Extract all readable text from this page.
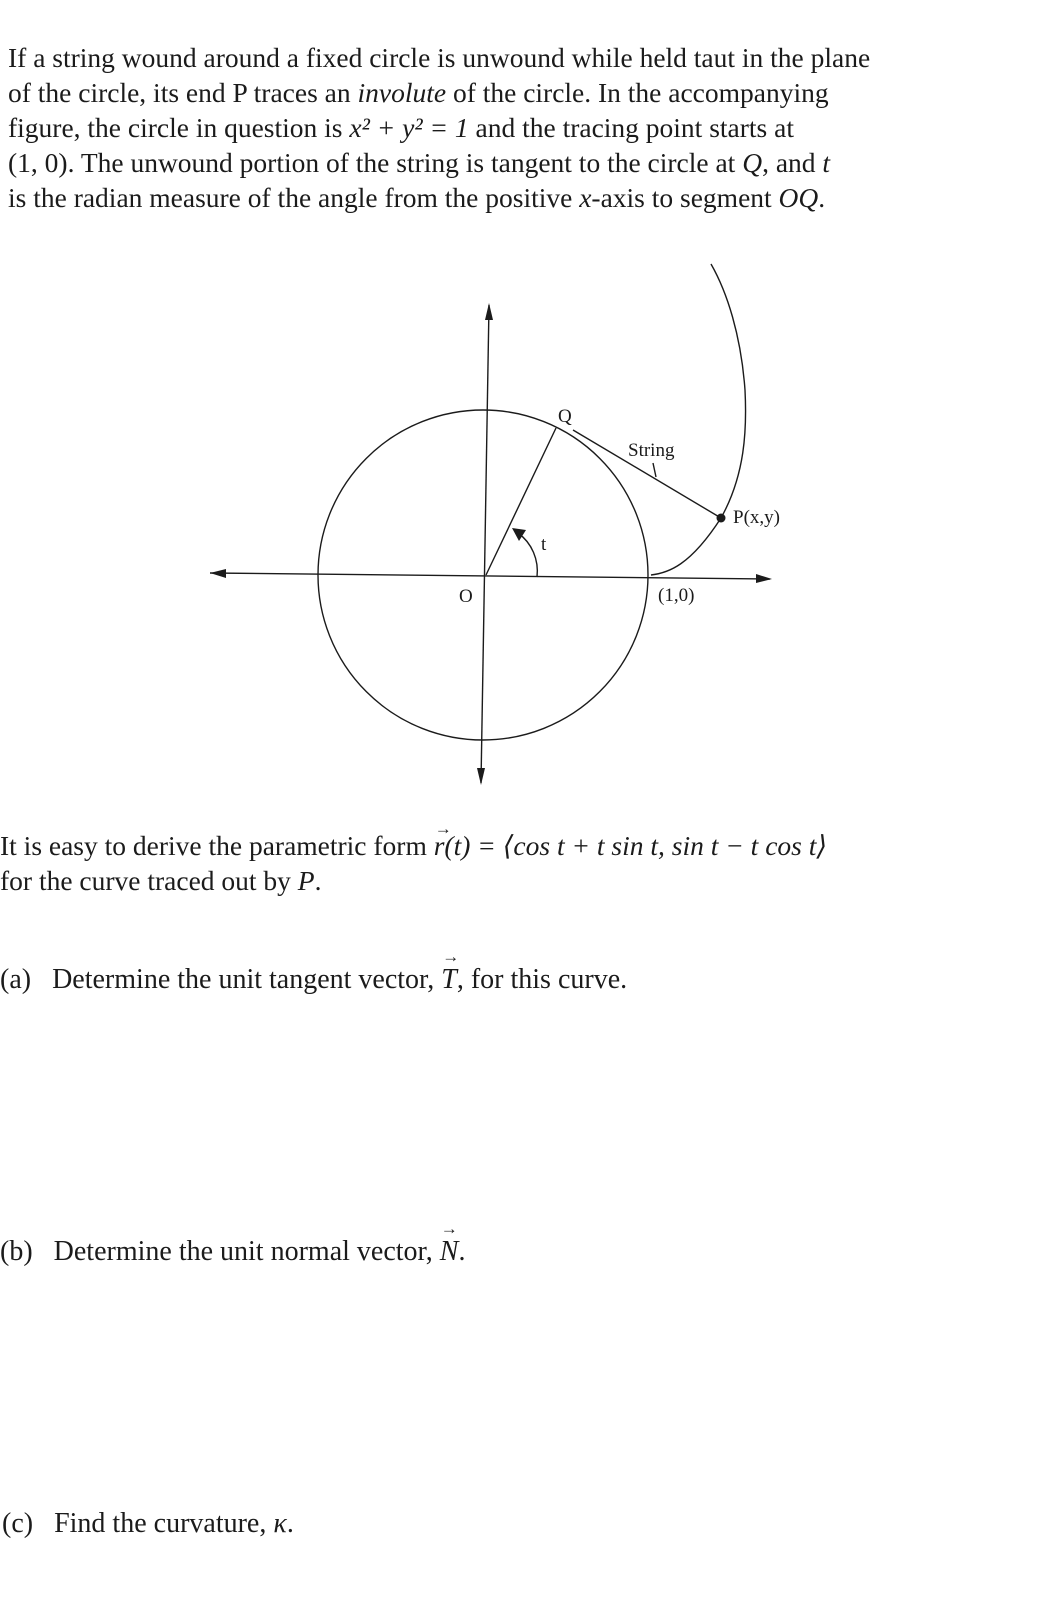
If a string wound around a fixed circle is unwound while held taut in the plane
of the circle, its end P traces an involute of the circle. In the accompanying
figure, the circle in question is x² + y² = 1 and the tracing point starts at
(1, 0). The unwound portion of the string is tangent to the circle at Q, and t
is the radian measure of the angle from the positive x-axis to segment OQ.
Q
String
P(x,y)
t
O	(1,0)
It is easy to derive the parametric form → r(t) = ⟨cos t + t sin t, sin t − t cos t⟩
for the curve traced out by P.
(a) Determine the unit tangent vector, → T, for this curve.
(b) Determine the unit normal vector, → N.
(c) Find the curvature, κ.
